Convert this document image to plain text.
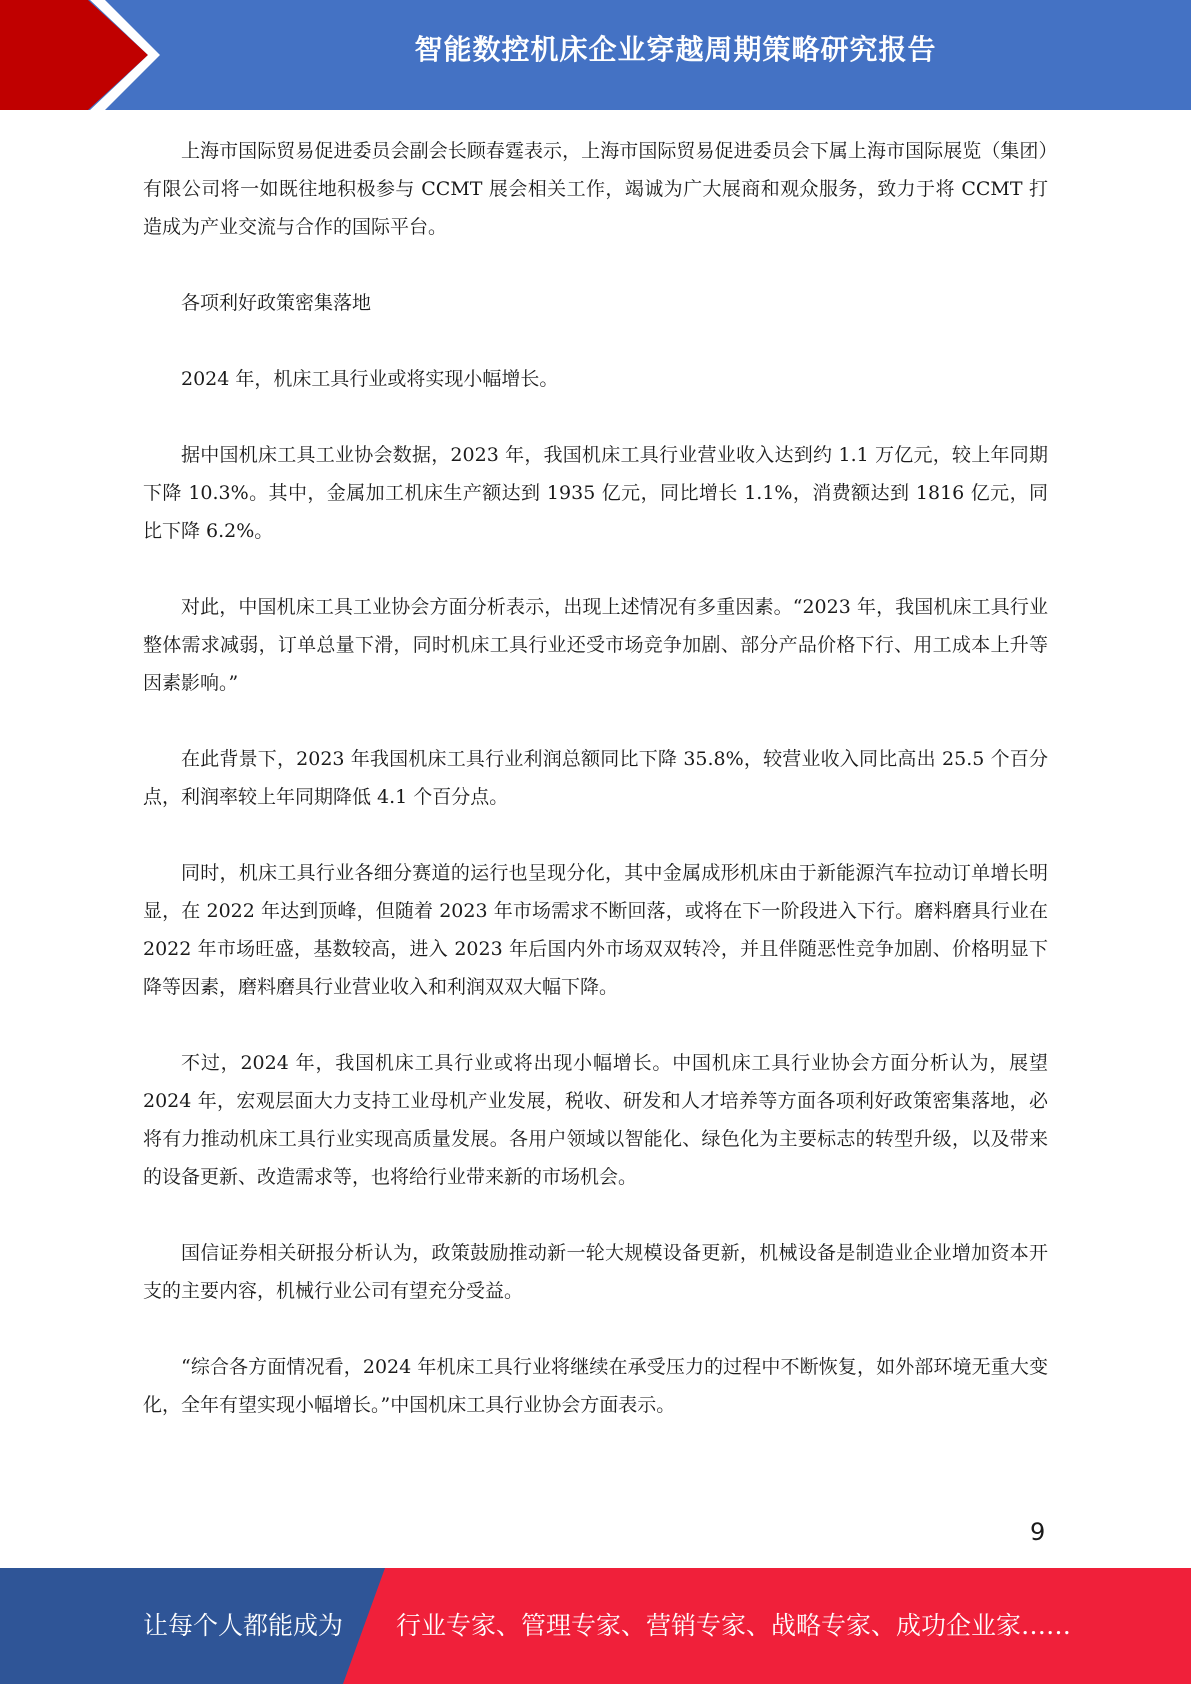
智能数控机床企业穿越周期策略研究报告

上海市国际贸易促进委员会副会长顾春霆表示，上海市国际贸易促进委员会下属上海市国际展览（集团）有限公司将一如既往地积极参与 CCMT 展会相关工作，竭诚为广大展商和观众服务，致力于将 CCMT 打造成为产业交流与合作的国际平台。

各项利好政策密集落地

2024 年，机床工具行业或将实现小幅增长。

据中国机床工具工业协会数据，2023 年，我国机床工具行业营业收入达到约 1.1 万亿元，较上年同期下降 10.3%。其中，金属加工机床生产额达到 1935 亿元，同比增长 1.1%，消费额达到 1816 亿元，同比下降 6.2%。

对此，中国机床工具工业协会方面分析表示，出现上述情况有多重因素。“2023 年，我国机床工具行业整体需求减弱，订单总量下滑，同时机床工具行业还受市场竞争加剧、部分产品价格下行、用工成本上升等因素影响。”

在此背景下，2023 年我国机床工具行业利润总额同比下降 35.8%，较营业收入同比高出 25.5 个百分点，利润率较上年同期降低 4.1 个百分点。

同时，机床工具行业各细分赛道的运行也呈现分化，其中金属成形机床由于新能源汽车拉动订单增长明显，在 2022 年达到顶峰，但随着 2023 年市场需求不断回落，或将在下一阶段进入下行。磨料磨具行业在 2022 年市场旺盛，基数较高，进入 2023 年后国内外市场双双转冷，并且伴随恶性竞争加剧、价格明显下降等因素，磨料磨具行业营业收入和利润双双大幅下降。

不过，2024 年，我国机床工具行业或将出现小幅增长。中国机床工具行业协会方面分析认为，展望 2024 年，宏观层面大力支持工业母机产业发展，税收、研发和人才培养等方面各项利好政策密集落地，必将有力推动机床工具行业实现高质量发展。各用户领域以智能化、绿色化为主要标志的转型升级，以及带来的设备更新、改造需求等，也将给行业带来新的市场机会。

国信证券相关研报分析认为，政策鼓励推动新一轮大规模设备更新，机械设备是制造业企业增加资本开支的主要内容，机械行业公司有望充分受益。

“综合各方面情况看，2024 年机床工具行业将继续在承受压力的过程中不断恢复，如外部环境无重大变化，全年有望实现小幅增长。”中国机床工具行业协会方面表示。

9
让每个人都能成为 行业专家、管理专家、营销专家、战略专家、成功企业家……
